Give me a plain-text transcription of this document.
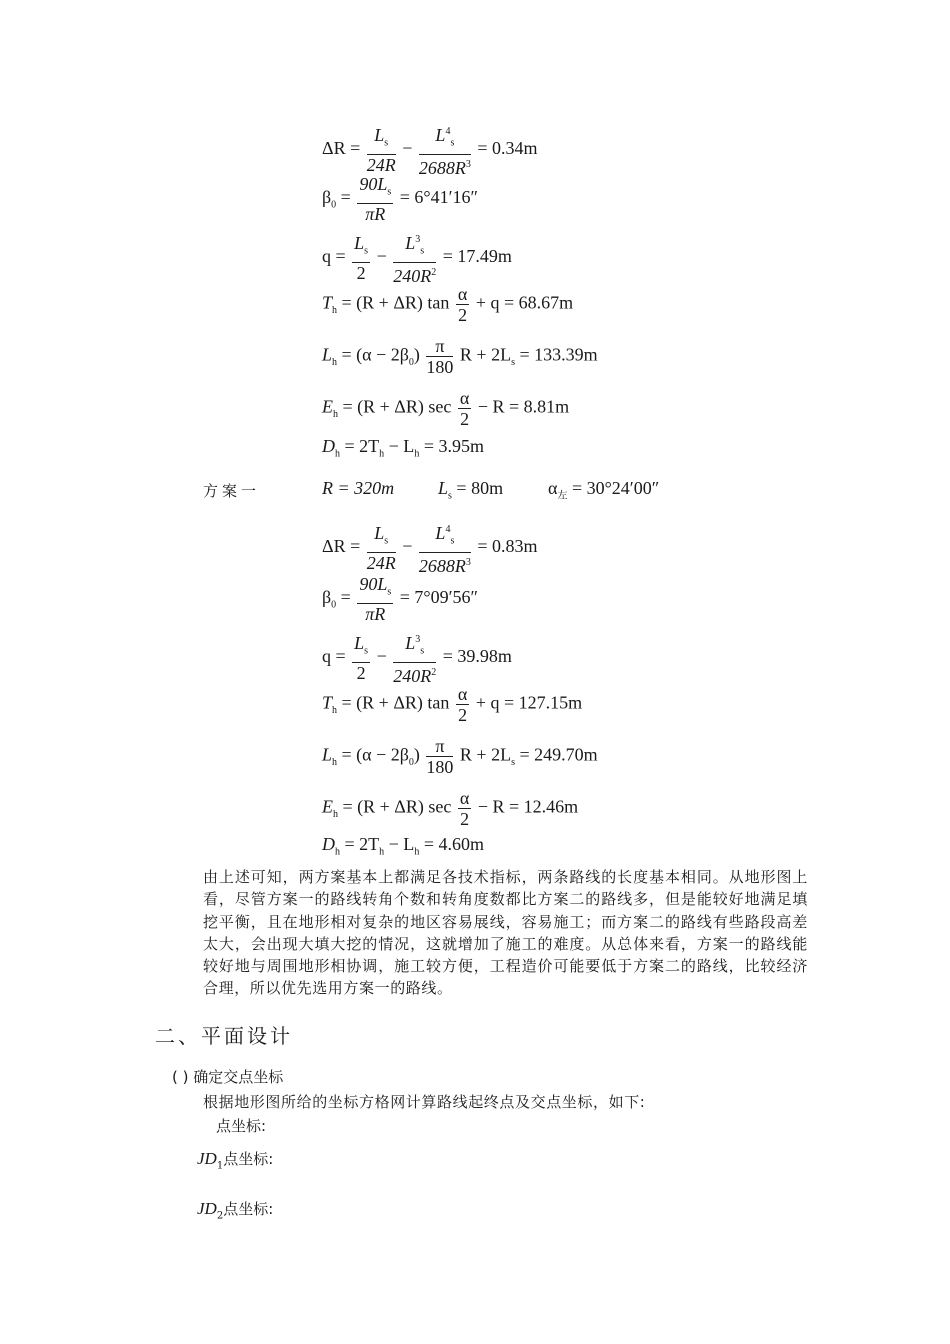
$\Delta R = \frac{L_s}{24R} - \frac{L^4_s}{2688R^3} = 0.34m$
$\beta_0 = \frac{90L_s}{\pi R} = 6^\circ 41'16''$
$q = \frac{L_s}{2} - \frac{L^3_s}{240R^2} = 17.49m$
$T_h = (R + \Delta R)$ $\tan \frac{\alpha}{2} + q = 68.67m$
$L_h = (\alpha - 2\beta_0) \frac{\pi}{180}$ $R + 2L_s = 133.39m$
$E_h = (R + \Delta R)$ $\sec \frac{\alpha}{2} - R = 8.81m$
$D_h = 2T_h - L_h = 3.95m$
方案一	R = 320m $L_s = 80m$ $\alpha_左 = 30^\circ 24'00''$
$\Delta R = \frac{L_s}{24R} - \frac{L^4_s}{2688R^3} = 0.83m$
$\beta_0 = \frac{90L_s}{\pi R} = 7^\circ 09'56''$
$q = \frac{L_s}{2} - \frac{L^3_s}{240R^2} = 39.98m$
$T_h = (R + \Delta R)$ $\tan \frac{\alpha}{2} + q = 127.15m$
$L_h = (\alpha - 2\beta_0) \frac{\pi}{180}$ $R + 2L_s = 249.70m$
$E_h = (R + \Delta R)$ $\sec \frac{\alpha}{2} - R = 12.46m$
$D_h = 2T_h - L_h = 4.60m$
由上述可知，两方案基本上都满足各技术指标，两条路线的长度基本相同。从地形图上看，尽管方案一的路线转角个数和转角度数都比方案二的路线多，但是能较好地满足填挖平衡，且在地形相对复杂的地区容易展线，容易施工；而方案二的路线有些路段高差太大，会出现大填大挖的情况，这就增加了施工的难度。从总体来看，方案一的路线能较好地与周围地形相协调，施工较方便，工程造价可能要低于方案二的路线，比较经济合理，所以优先选用方案一的路线。
二、平面设计
( ) 确定交点坐标
根据地形图所给的坐标方格网计算路线起终点及交点坐标，如下:
点坐标:
$JD_1$点坐标:
$JD_2$点坐标:
